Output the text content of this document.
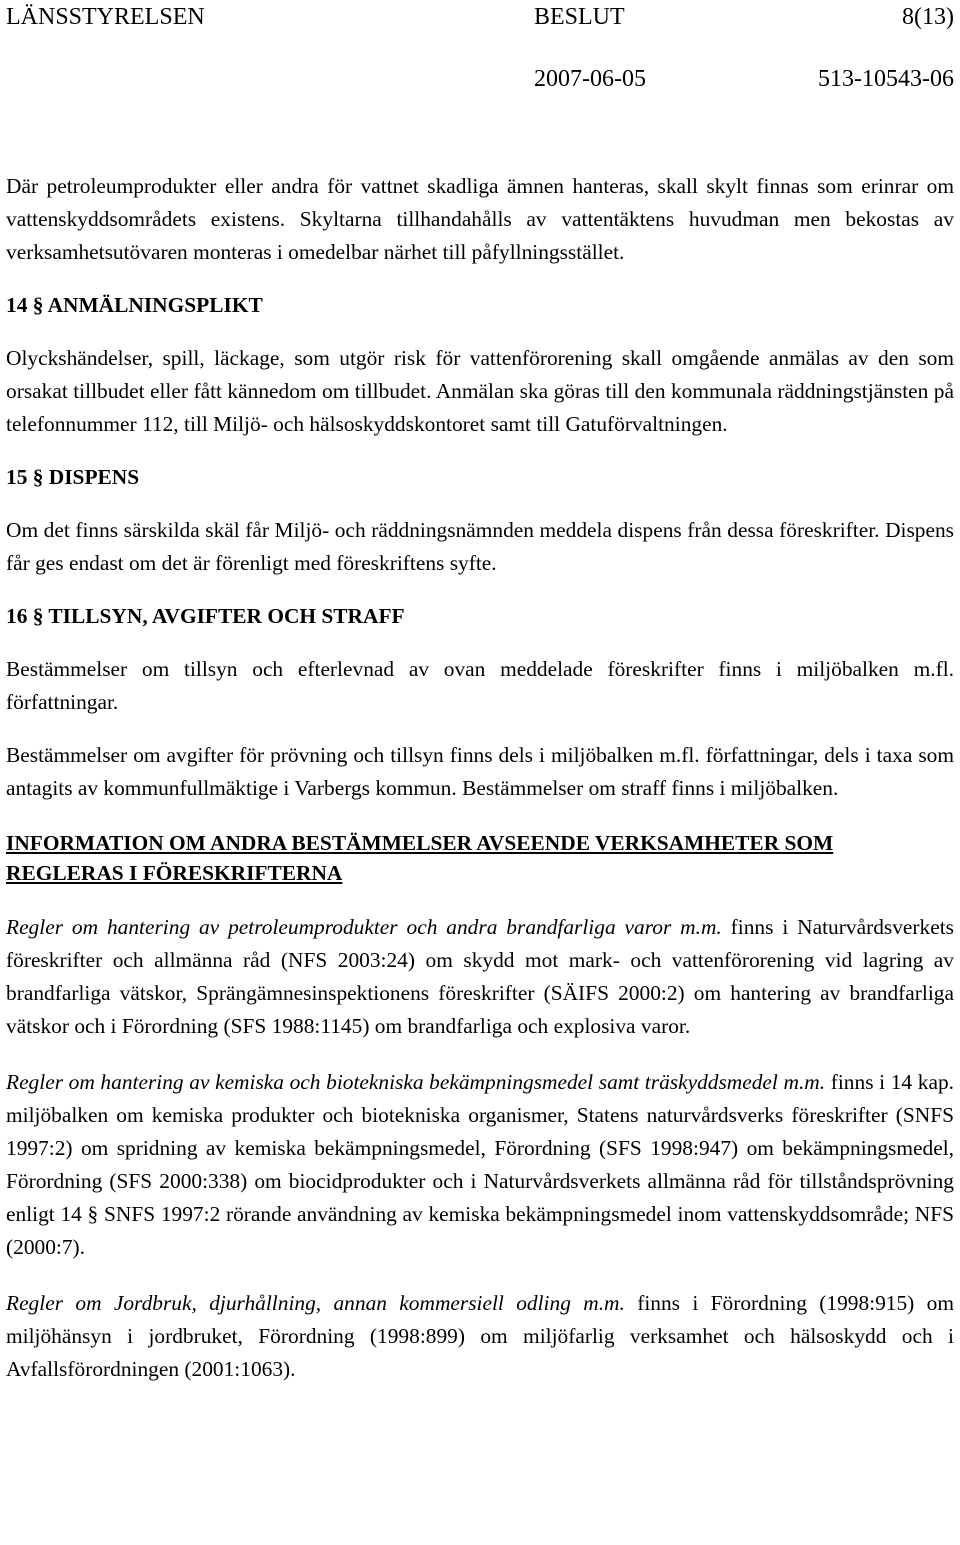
LÄNSSTYRELSEN	BESLUT	8(13)
2007-06-05	513-10543-06

Där petroleumprodukter eller andra för vattnet skadliga ämnen hanteras, skall skylt finnas som erinrar om vattenskyddsområdets existens. Skyltarna tillhandahålls av vattentäktens huvudman men bekostas av verksamhetsutövaren monteras i omedelbar närhet till påfyllningsstället.

14 § ANMÄLNINGSPLIKT

Olyckshändelser, spill, läckage, som utgör risk för vattenförorening skall omgående anmälas av den som orsakat tillbudet eller fått kännedom om tillbudet. Anmälan ska göras till den kommunala räddningstjänsten på telefonnummer 112, till Miljö- och hälsoskyddskontoret samt till Gatuförvaltningen.

15 § DISPENS

Om det finns särskilda skäl får Miljö- och räddningsnämnden meddela dispens från dessa föreskrifter. Dispens får ges endast om det är förenligt med föreskriftens syfte.

16 § TILLSYN, AVGIFTER OCH STRAFF

Bestämmelser om tillsyn och efterlevnad av ovan meddelade föreskrifter finns i miljöbalken m.fl. författningar.

Bestämmelser om avgifter för prövning och tillsyn finns dels i miljöbalken m.fl. författningar, dels i taxa som antagits av kommunfullmäktige i Varbergs kommun. Bestämmelser om straff finns i miljöbalken.

INFORMATION OM ANDRA BESTÄMMELSER AVSEENDE VERKSAMHETER SOM REGLERAS I FÖRESKRIFTERNA

Regler om hantering av petroleumprodukter och andra brandfarliga varor m.m. finns i Naturvårdsverkets föreskrifter och allmänna råd (NFS 2003:24) om skydd mot mark- och vattenförorening vid lagring av brandfarliga vätskor, Sprängämnesinspektionens föreskrifter (SÄIFS 2000:2) om hantering av brandfarliga vätskor och i Förordning (SFS 1988:1145) om brandfarliga och explosiva varor.

Regler om hantering av kemiska och biotekniska bekämpningsmedel samt träskyddsmedel m.m. finns i 14 kap. miljöbalken om kemiska produkter och biotekniska organismer, Statens naturvårdsverks föreskrifter (SNFS 1997:2) om spridning av kemiska bekämpningsmedel, Förordning (SFS 1998:947) om bekämpningsmedel, Förordning (SFS 2000:338) om biocidprodukter och i Naturvårdsverkets allmänna råd för tillståndsprövning enligt 14 § SNFS 1997:2 rörande användning av kemiska bekämpningsmedel inom vattenskyddsområde; NFS (2000:7).

Regler om Jordbruk, djurhållning, annan kommersiell odling m.m. finns i Förordning (1998:915) om miljöhänsyn i jordbruket, Förordning (1998:899) om miljöfarlig verksamhet och hälsoskydd och i Avfallsförordningen (2001:1063).
